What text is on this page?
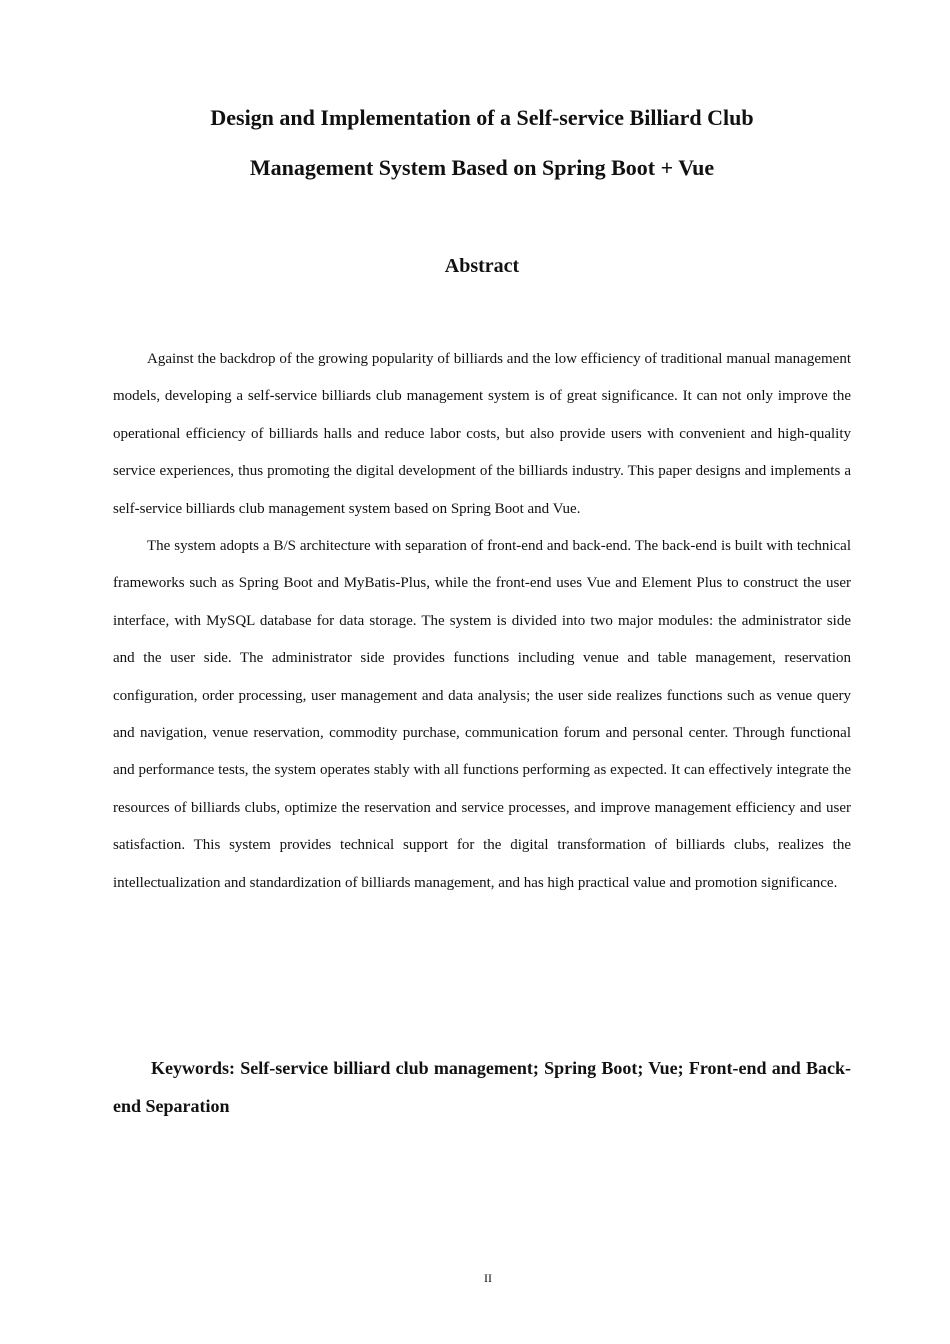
Design and Implementation of a Self-service Billiard Club

Management System Based on Spring Boot + Vue

Abstract

Against the backdrop of the growing popularity of billiards and the low efficiency of traditional manual management models, developing a self-service billiards club management system is of great significance. It can not only improve the operational efficiency of billiards halls and reduce labor costs, but also provide users with convenient and high-quality service experiences, thus promoting the digital development of the billiards industry. This paper designs and implements a self-service billiards club management system based on Spring Boot and Vue.

The system adopts a B/S architecture with separation of front-end and back-end. The back-end is built with technical frameworks such as Spring Boot and MyBatis-Plus, while the front-end uses Vue and Element Plus to construct the user interface, with MySQL database for data storage. The system is divided into two major modules: the administrator side and the user side. The administrator side provides functions including venue and table management, reservation configuration, order processing, user management and data analysis; the user side realizes functions such as venue query and navigation, venue reservation, commodity purchase, communication forum and personal center. Through functional and performance tests, the system operates stably with all functions performing as expected. It can effectively integrate the resources of billiards clubs, optimize the reservation and service processes, and improve management efficiency and user satisfaction. This system provides technical support for the digital transformation of billiards clubs, realizes the intellectualization and standardization of billiards management, and has high practical value and promotion significance.

Keywords: Self-service billiard club management; Spring Boot; Vue; Front-end and Back-end Separation

II
